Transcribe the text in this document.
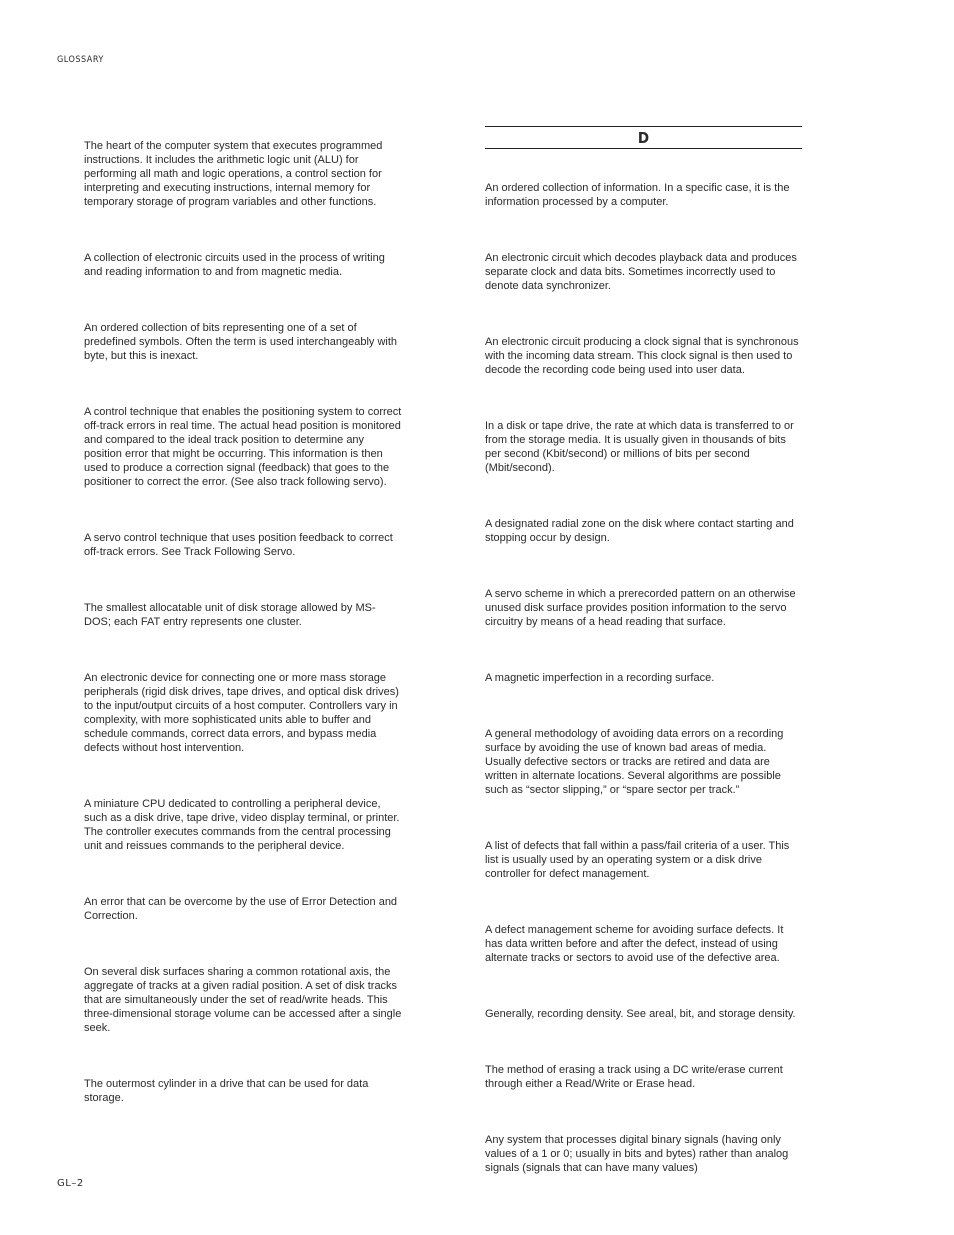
GLOSSARY

The heart of the computer system that executes programmed instructions. It includes the arithmetic logic unit (ALU) for performing all math and logic operations, a control section for interpreting and executing instructions, internal memory for temporary storage of program variables and other functions.

A collection of electronic circuits used in the process of writing and reading information to and from magnetic media.

An ordered collection of bits representing one of a set of predefined symbols. Often the term is used interchangeably with byte, but this is inexact.

A control technique that enables the positioning system to correct off-track errors in real time. The actual head position is monitored and compared to the ideal track position to determine any position error that might be occurring. This information is then used to produce a correction signal (feedback) that goes to the positioner to correct the error. (See also track following servo).

A servo control technique that uses position feedback to correct off-track errors. See Track Following Servo.

The smallest allocatable unit of disk storage allowed by MS-DOS; each FAT entry represents one cluster.

An electronic device for connecting one or more mass storage peripherals (rigid disk drives, tape drives, and optical disk drives) to the input/output circuits of a host computer. Controllers vary in complexity, with more sophisticated units able to buffer and schedule commands, correct data errors, and bypass media defects without host intervention.

A miniature CPU dedicated to controlling a peripheral device, such as a disk drive, tape drive, video display terminal, or printer. The controller executes commands from the central processing unit and reissues commands to the peripheral device.

An error that can be overcome by the use of Error Detection and Correction.

On several disk surfaces sharing a common rotational axis, the aggregate of tracks at a given radial position. A set of disk tracks that are simultaneously under the set of read/write heads. This three-dimensional storage volume can be accessed after a single seek.

The outermost cylinder in a drive that can be used for data storage.

D

An ordered collection of information. In a specific case, it is the information processed by a computer.

An electronic circuit which decodes playback data and produces separate clock and data bits. Sometimes incorrectly used to denote data synchronizer.

An electronic circuit producing a clock signal that is synchronous with the incoming data stream. This clock signal is then used to decode the recording code being used into user data.

In a disk or tape drive, the rate at which data is transferred to or from the storage media. It is usually given in thousands of bits per second (Kbit/second) or millions of bits per second (Mbit/second).

A designated radial zone on the disk where contact starting and stopping occur by design.

A servo scheme in which a prerecorded pattern on an otherwise unused disk surface provides position information to the servo circuitry by means of a head reading that surface.

A magnetic imperfection in a recording surface.

A general methodology of avoiding data errors on a recording surface by avoiding the use of known bad areas of media. Usually defective sectors or tracks are retired and data are written in alternate locations. Several algorithms are possible such as “sector slipping,” or “spare sector per track.”

A list of defects that fall within a pass/fail criteria of a user. This list is usually used by an operating system or a disk drive controller for defect management.

A defect management scheme for avoiding surface defects. It has data written before and after the defect, instead of using alternate tracks or sectors to avoid use of the defective area.

Generally, recording density. See areal, bit, and storage density.

The method of erasing a track using a DC write/erase current through either a Read/Write or Erase head.

Any system that processes digital binary signals (having only values of a 1 or 0; usually in bits and bytes) rather than analog signals (signals that can have many values)

GL–2
